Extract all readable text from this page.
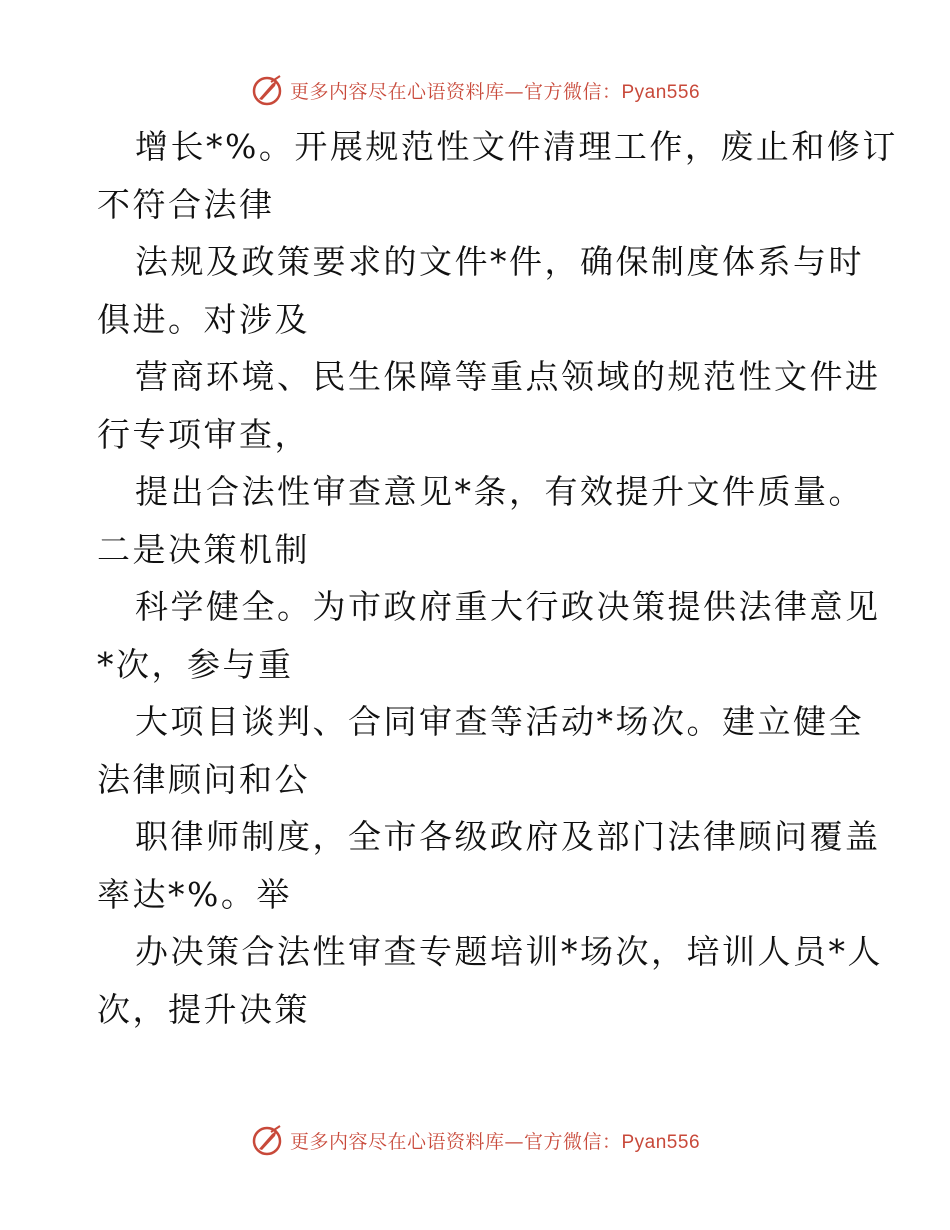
更多内容尽在心语资料库—官方微信：Pyan556
增长*%。开展规范性文件清理工作，废止和修订
不符合法律
法规及政策要求的文件*件，确保制度体系与时
俱进。对涉及
营商环境、民生保障等重点领域的规范性文件进
行专项审查，
提出合法性审查意见*条，有效提升文件质量。
二是决策机制
科学健全。为市政府重大行政决策提供法律意见
*次，参与重
大项目谈判、合同审查等活动*场次。建立健全
法律顾问和公
职律师制度，全市各级政府及部门法律顾问覆盖
率达*%。举
办决策合法性审查专题培训*场次，培训人员*人
次，提升决策
更多内容尽在心语资料库—官方微信：Pyan556
